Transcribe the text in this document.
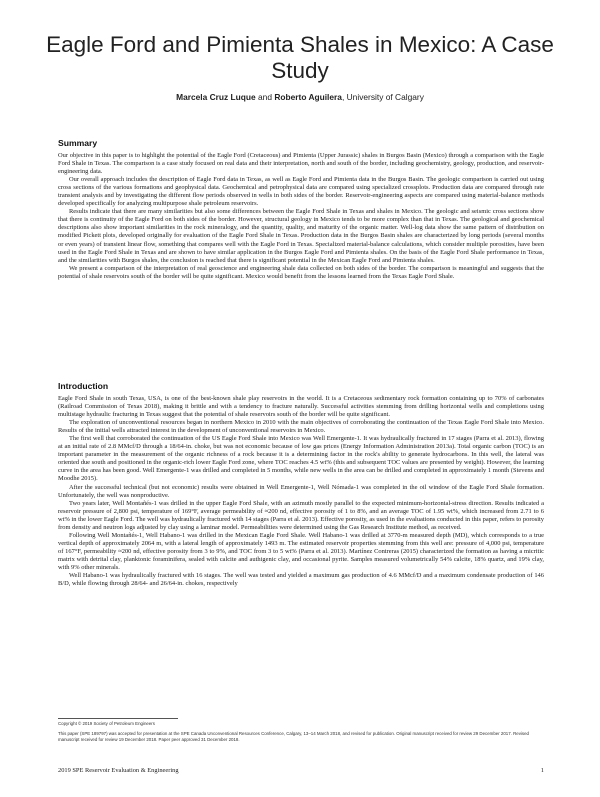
Eagle Ford and Pimienta Shales in Mexico: A Case Study
Marcela Cruz Luque and Roberto Aguilera, University of Calgary
Summary

Our objective in this paper is to highlight the potential of the Eagle Ford (Cretaceous) and Pimienta (Upper Jurassic) shales in Burgos Basin (Mexico) through a comparison with the Eagle Ford Shale in Texas. The comparison is a case study focused on real data and their interpretation, north and south of the border, including geochemistry, geology, production, and reservoir-engineering data.

Our overall approach includes the description of Eagle Ford data in Texas, as well as Eagle Ford and Pimienta data in the Burgos Basin. The geologic comparison is carried out using cross sections of the various formations and geophysical data. Geochemical and petrophysical data are compared using specialized crossplots. Production data are compared through rate transient analysis and by investigating the different flow periods observed in wells in both sides of the border. Reservoir-engineering aspects are compared using material-balance methods developed specifically for analyzing multipurpose shale petroleum reservoirs.

Results indicate that there are many similarities but also some differences between the Eagle Ford Shale in Texas and shales in Mexico. The geologic and seismic cross sections show that there is continuity of the Eagle Ford on both sides of the border. However, structural geology in Mexico tends to be more complex than that in Texas. The geological and geochemical descriptions also show important similarities in the rock mineralogy, and the quantity, quality, and maturity of the organic matter. Well-log data show the same pattern of distribution on modified Pickett plots, developed originally for evaluation of the Eagle Ford Shale in Texas. Production data in the Burgos Basin shales are characterized by long periods (several months or even years) of transient linear flow, something that compares well with the Eagle Ford in Texas. Specialized material-balance calculations, which consider multiple porosities, have been used in the Eagle Ford Shale in Texas and are shown to have similar application in the Burgos Eagle Ford and Pimienta shales. On the basis of the Eagle Ford Shale performance in Texas, and the similarities with Burgos shales, the conclusion is reached that there is significant potential in the Mexican Eagle Ford and Pimienta shales.

We present a comparison of the interpretation of real geoscience and engineering shale data collected on both sides of the border. The comparison is meaningful and suggests that the potential of shale reservoirs south of the border will be quite significant. Mexico would benefit from the lessons learned from the Texas Eagle Ford Shale.

Introduction

Eagle Ford Shale in south Texas, USA, is one of the best-known shale play reservoirs in the world. It is a Cretaceous sedimentary rock formation containing up to 70% of carbonates (Railroad Commission of Texas 2018), making it brittle and with a tendency to fracture naturally. Successful activities stemming from drilling horizontal wells and completions using multistage hydraulic fracturing in Texas suggest that the potential of shale reservoirs south of the border will be quite significant.

The exploration of unconventional resources began in northern Mexico in 2010 with the main objectives of corroborating the continuation of the Texas Eagle Ford Shale into Mexico. Results of the initial wells attracted interest in the development of unconventional reservoirs in Mexico.

The first well that corroborated the continuation of the US Eagle Ford Shale into Mexico was Well Emergente-1. It was hydraulically fractured in 17 stages (Parra et al. 2013), flowing at an initial rate of 2.8 MMcf/D through a 18/64-in. choke, but was not economic because of low gas prices (Energy Information Administration 2013a). Total organic carbon (TOC) is an important parameter in the measurement of the organic richness of a rock because it is a determining factor in the rock's ability to generate hydrocarbons. In this well, the lateral was oriented due south and positioned in the organic-rich lower Eagle Ford zone, where TOC reaches 4.5 wt% (this and subsequent TOC values are presented by weight). However, the learning curve in the area has been good. Well Emergente-1 was drilled and completed in 5 months, while new wells in the area can be drilled and completed in approximately 1 month (Stevens and Moodhe 2015).

After the successful technical (but not economic) results were obtained in Well Emergente-1, Well Nómada-1 was completed in the oil window of the Eagle Ford Shale formation. Unfortunately, the well was nonproductive.

Two years later, Well Montañés-1 was drilled in the upper Eagle Ford Shale, with an azimuth mostly parallel to the expected minimum-horizontal-stress direction. Results indicated a reservoir pressure of 2,800 psi, temperature of 169°F, average permeability of ≈200 nd, effective porosity of 1 to 8%, and an average TOC of 1.95 wt%, which increased from 2.71 to 6 wt% in the lower Eagle Ford. The well was hydraulically fractured with 14 stages (Parra et al. 2013). Effective porosity, as used in the evaluations conducted in this paper, refers to porosity from density and neutron logs adjusted by clay using a laminar model. Permeabilities were determined using the Gas Research Institute method, as received.

Following Well Montañés-1, Well Habano-1 was drilled in the Mexican Eagle Ford Shale. Well Habano-1 was drilled at 3770-m measured depth (MD), which corresponds to a true vertical depth of approximately 2064 m, with a lateral length of approximately 1493 m. The estimated reservoir properties stemming from this well are: pressure of 4,000 psi, temperature of 167°F, permeability ≈200 nd, effective porosity from 3 to 9%, and TOC from 3 to 5 wt% (Parra et al. 2013). Martínez Contreras (2015) characterized the formation as having a micritic matrix with detrital clay, planktonic foraminifera, sealed with calcite and authigenic clay, and occasional pyrite. Samples measured volumetrically 54% calcite, 18% quartz, and 19% clay, with 9% other minerals.

Well Habano-1 was hydraulically fractured with 16 stages. The well was tested and yielded a maximum gas production of 4.6 MMcf/D and a maximum condensate production of 146 B/D, while flowing through 28/64- and 26/64-in. chokes, respectively

Copyright © 2019 Society of Petroleum Engineers
This paper (SPE 189797) was accepted for presentation at the SPE Canada Unconventional Resources Conference, Calgary, 13–14 March 2018, and revised for publication. Original manuscript received for review 29 December 2017. Revised manuscript received for review 19 December 2018. Paper peer approved 31 December 2018.
2019 SPE Reservoir Evaluation & Engineering	1
